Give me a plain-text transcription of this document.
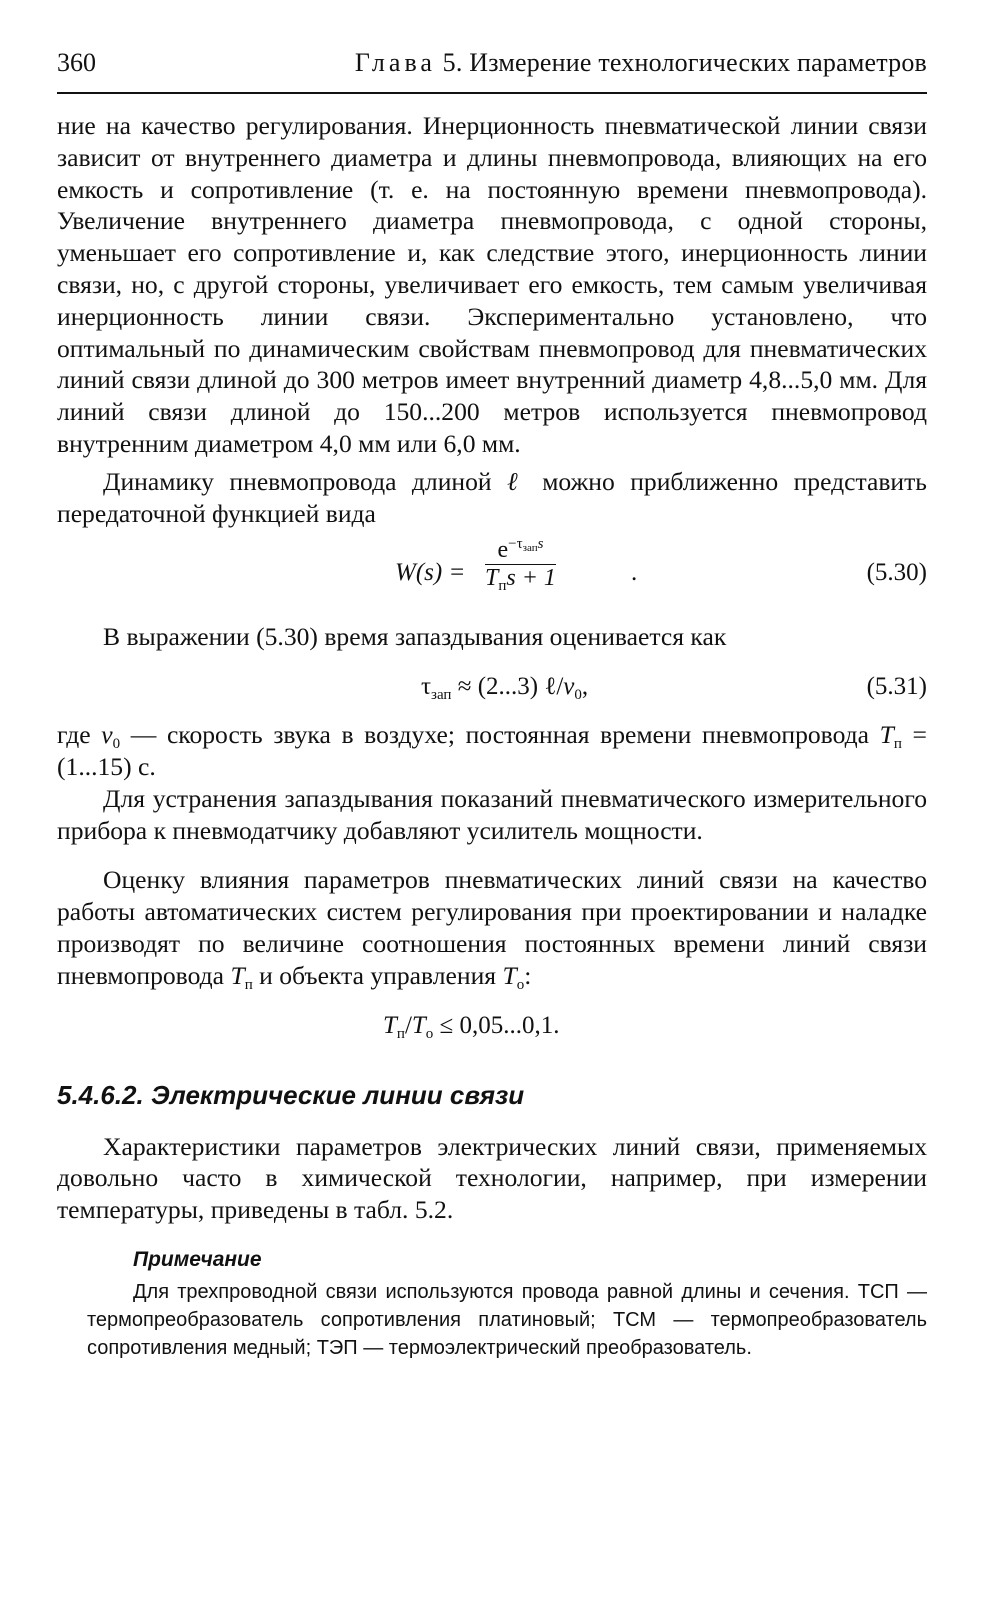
360	Глава 5. Измерение технологических параметров

ние на качество регулирования. Инерционность пневматической линии связи зависит от внутреннего диаметра и длины пневмопровода, влияющих на его емкость и сопротивление (т. е. на постоянную времени пневмопровода). Увеличение внутреннего диаметра пневмопровода, с одной стороны, уменьшает его сопротивление и, как следствие этого, инерционность линии связи, но, с другой стороны, увеличивает его емкость, тем самым увеличивая инерционность линии связи. Экспериментально установлено, что оптимальный по динамическим свойствам пневмопровод для пневматических линий связи длиной до 300 метров имеет внутренний диаметр 4,8...5,0 мм. Для линий связи длиной до 150...200 метров используется пневмопровод внутренним диаметром 4,0 мм или 6,0 мм.

Динамику пневмопровода длиной ℓ можно приближенно представить передаточной функцией вида

W(s) =
$e^{-\tau_{зап}s}$
$T_пs + 1$	.	(5.30)

В выражении (5.30) время запаздывания оценивается как

$\tau_{зап} \approx (2...3)$ $\ell/v_0$,	(5.31)

где $v_0$ — скорость звука в воздухе; постоянная времени пневмопровода $T_п = (1...15)$ с.

Для устранения запаздывания показаний пневматического измерительного прибора к пневмодатчику добавляют усилитель мощности.

Оценку влияния параметров пневматических линий связи на качество работы автоматических систем регулирования при проектировании и наладке производят по величине соотношения постоянных времени линий связи пневмопровода $T_п$ и объекта управления $T_о$:

$T_п/T_о \le 0,05...0,1$.
5.4.6.2. Электрические линии связи

Характеристики параметров электрических линий связи, применяемых довольно часто в химической технологии, например, при измерении температуры, приведены в табл. 5.2.

Примечание
Для трехпроводной связи используются провода равной длины и сечения. ТСП — термопреобразователь сопротивления платиновый; ТСМ — термопреобразователь сопротивления медный; ТЭП — термоэлектрический преобразователь.
